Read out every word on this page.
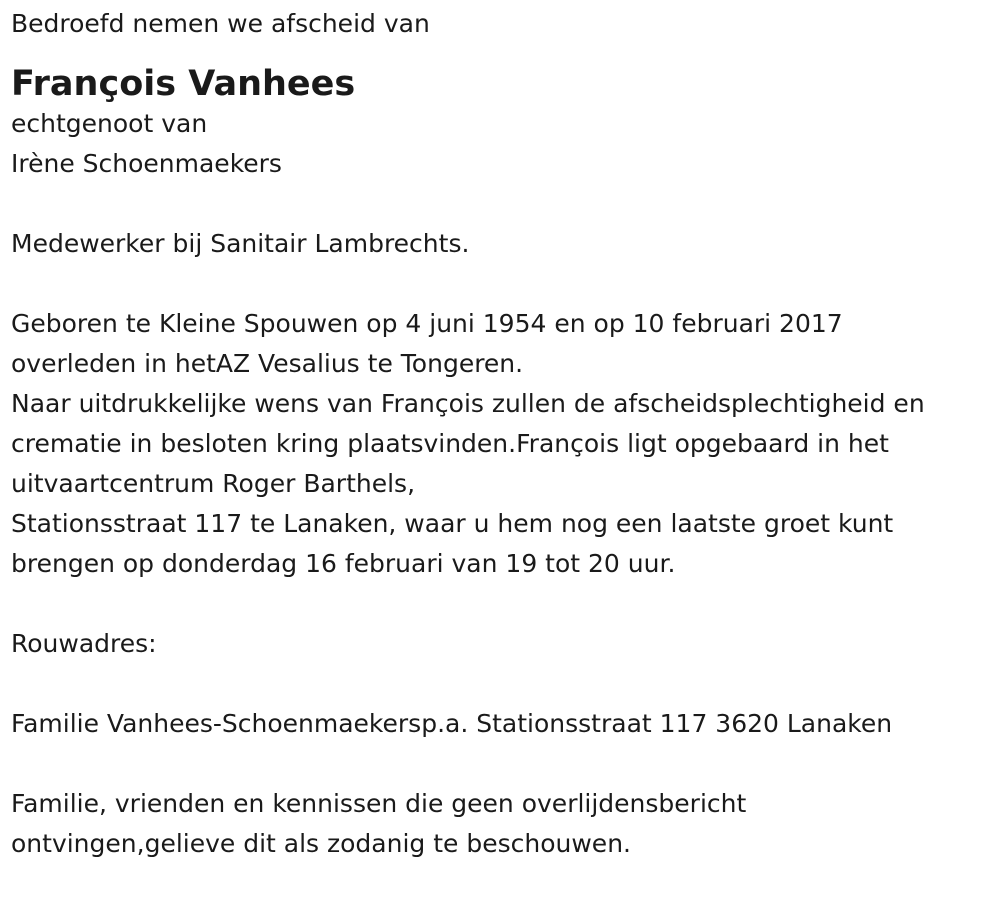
Bedroefd nemen we afscheid van
François Vanhees
echtgenoot van
Irène Schoenmaekers
Medewerker bij Sanitair Lambrechts.
Geboren te Kleine Spouwen op 4 juni 1954 en op 10 februari 2017
overleden in hetAZ Vesalius te Tongeren.
Naar uitdrukkelijke wens van François zullen de afscheidsplechtigheid en
crematie in besloten kring plaatsvinden.François ligt opgebaard in het
uitvaartcentrum Roger Barthels,
Stationsstraat 117 te Lanaken, waar u hem nog een laatste groet kunt
brengen op donderdag 16 februari van 19 tot 20 uur.
Rouwadres:
Familie Vanhees-Schoenmaekersp.a. Stationsstraat 117 3620 Lanaken
Familie, vrienden en kennissen die geen overlijdensbericht
ontvingen,gelieve dit als zodanig te beschouwen.
